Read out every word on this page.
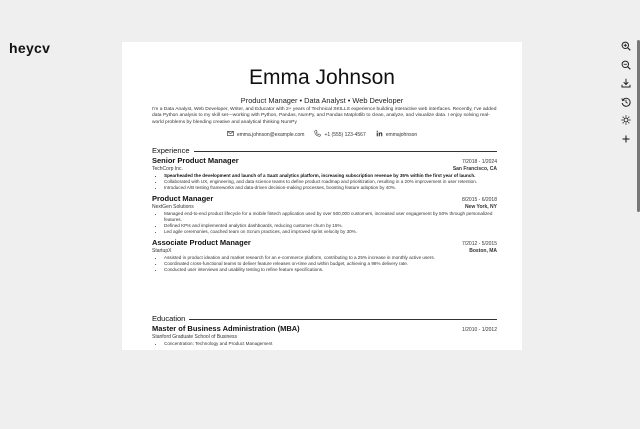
heycv
Emma Johnson
Product Manager • Data Analyst • Web Developer
I'm a Data Analyst, Web Developer, Writer, and Educator with 2+ years of Technical SKILLS experience building interactive web interfaces. Recently, I've added data Python analysis to my skill set—working with Python, Pandas, NumPy, and Pandas Matplotlib to clean, analyze, and visualize data. I enjoy solving real-world problems by blending creative and analytical thinking NumPy
emma.johnson@example.com	+1 (555) 123-4567	emmajohnson
Experience
Senior Product Manager	7/2018 - 1/2024
TechCorp Inc.	San Francisco, CA
• Spearheaded the development and launch of a SaaS analytics platform, increasing subscription revenue by 35% within the first year of launch.
• Collaborated with UX, engineering, and data science teams to define product roadmap and prioritization, resulting in a 20% improvement in user retention.
• Introduced A/B testing frameworks and data-driven decision-making processes, boosting feature adoption by 40%.
Product Manager	8/2015 - 6/2018
NextGen Solutions	New York, NY
• Managed end-to-end product lifecycle for a mobile fintech application used by over 500,000 customers, increased user engagement by 50% through personalized features.
• Defined KPIs and implemented analytics dashboards, reducing customer churn by 15%.
• Led agile ceremonies, coached team on Scrum practices, and improved sprint velocity by 30%.
Associate Product Manager	7/2012 - 5/2015
StartupX	Boston, MA
• Assisted in product ideation and market research for an e-commerce platform, contributing to a 25% increase in monthly active users.
• Coordinated cross-functional teams to deliver feature releases on-time and within budget, achieving a 98% delivery rate.
• Conducted user interviews and usability testing to refine feature specifications.
Education
Master of Business Administration (MBA)	1/2010 - 1/2012
Stanford Graduate School of Business
• Concentration: Technology and Product Management
